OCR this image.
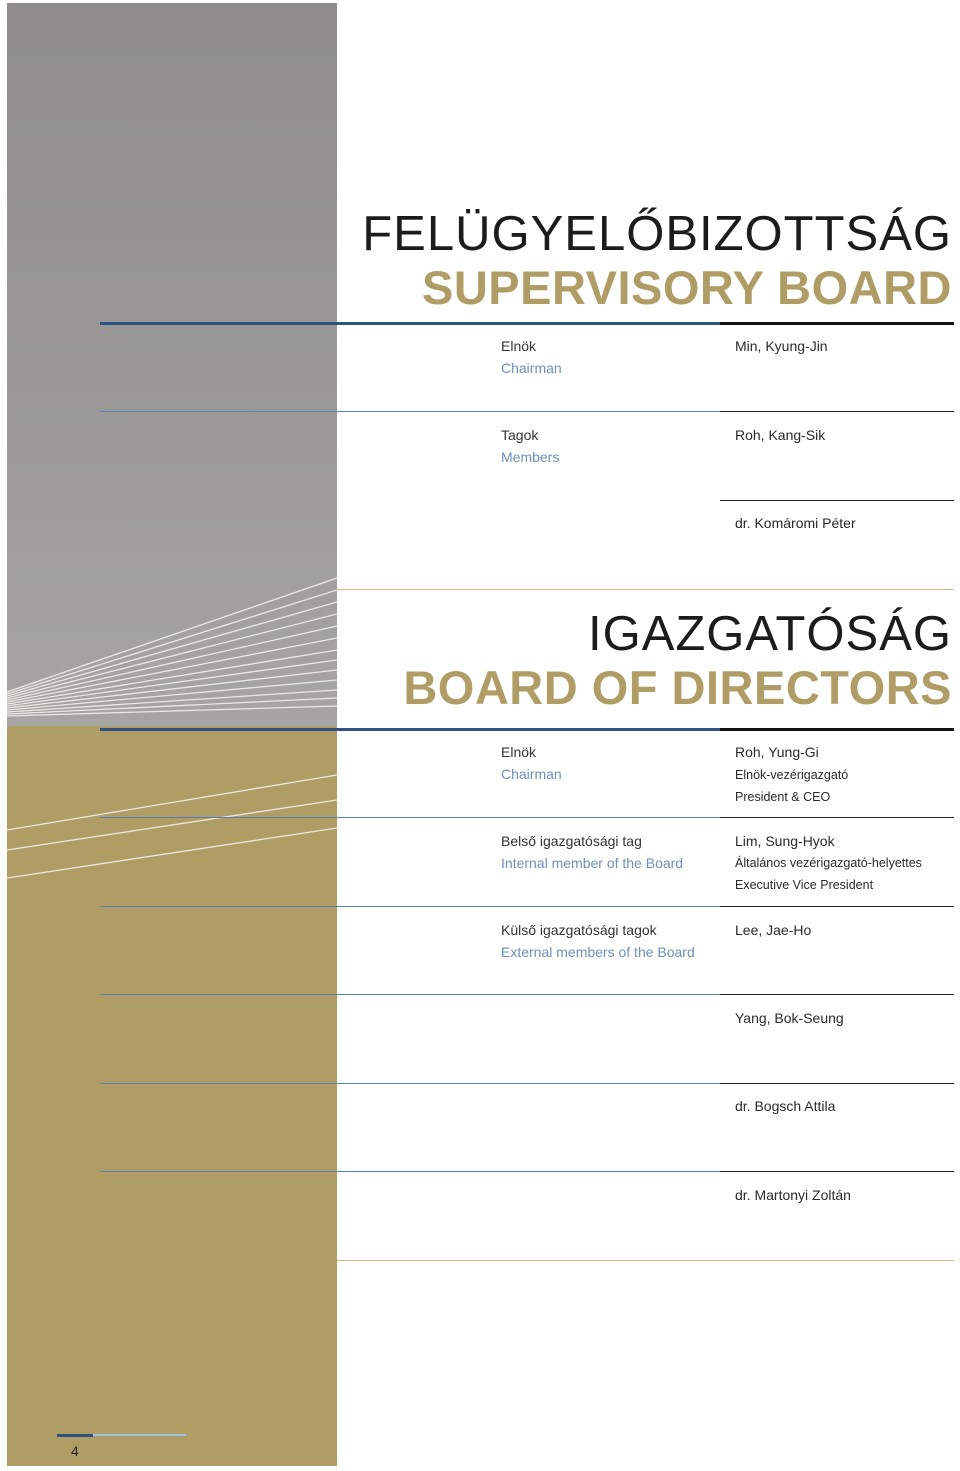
FELÜGYELŐBIZOTTSÁG
SUPERVISORY BOARD
Elnök
Chairman
Min, Kyung-Jin
Tagok
Members
Roh, Kang-Sik
dr. Komáromi Péter
IGAZGATÓSÁG
BOARD OF DIRECTORS
Elnök
Chairman
Roh, Yung-Gi
Elnök-vezérigazgató
President & CEO
Belső igazgatósági tag
Internal member of the Board
Lim, Sung-Hyok
Általános vezérigazgató-helyettes
Executive Vice President
Külső igazgatósági tagok
External members of the Board
Lee, Jae-Ho
Yang, Bok-Seung
dr. Bogsch Attila
dr. Martonyi Zoltán
4
